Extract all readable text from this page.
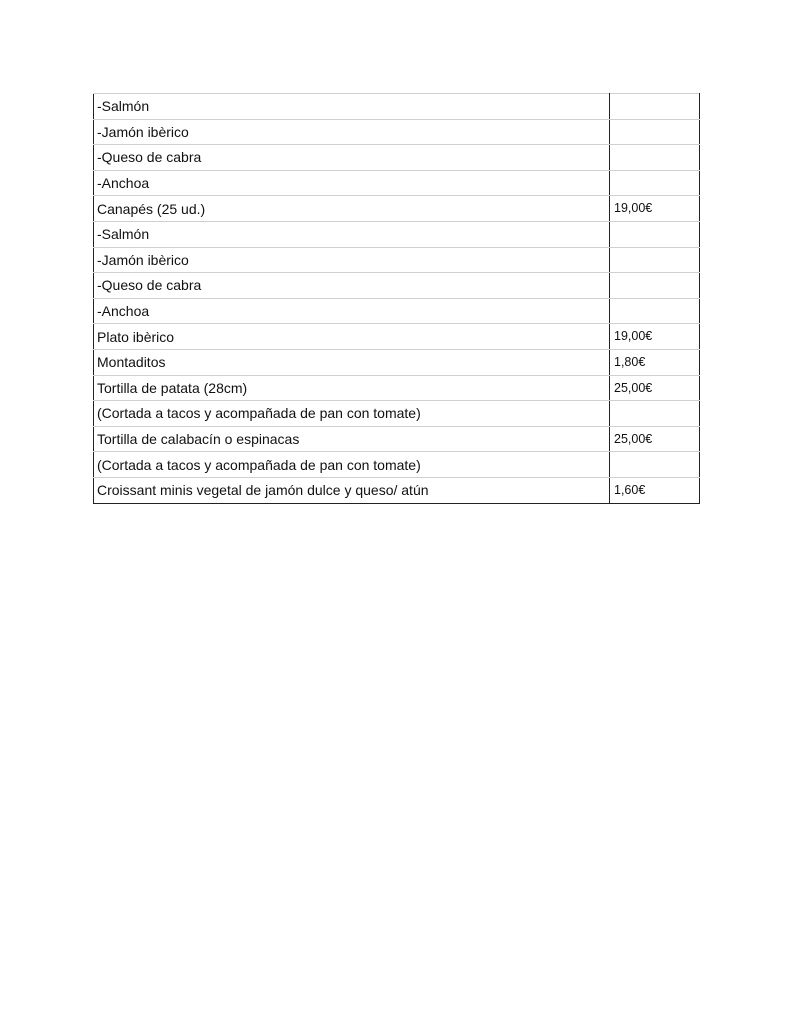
-Salmón	
-Jamón ibèrico	
-Queso de cabra	
-Anchoa	
Canapés (25 ud.)	19,00€
-Salmón	
-Jamón ibèrico	
-Queso de cabra	
-Anchoa	
Plato ibèrico	19,00€
Montaditos	1,80€
Tortilla de patata (28cm)	25,00€
(Cortada a tacos y acompañada de pan con tomate)	
Tortilla de calabacín o espinacas	25,00€
(Cortada a tacos y acompañada de pan con tomate)	
Croissant minis vegetal de jamón dulce y queso/ atún	1,60€
